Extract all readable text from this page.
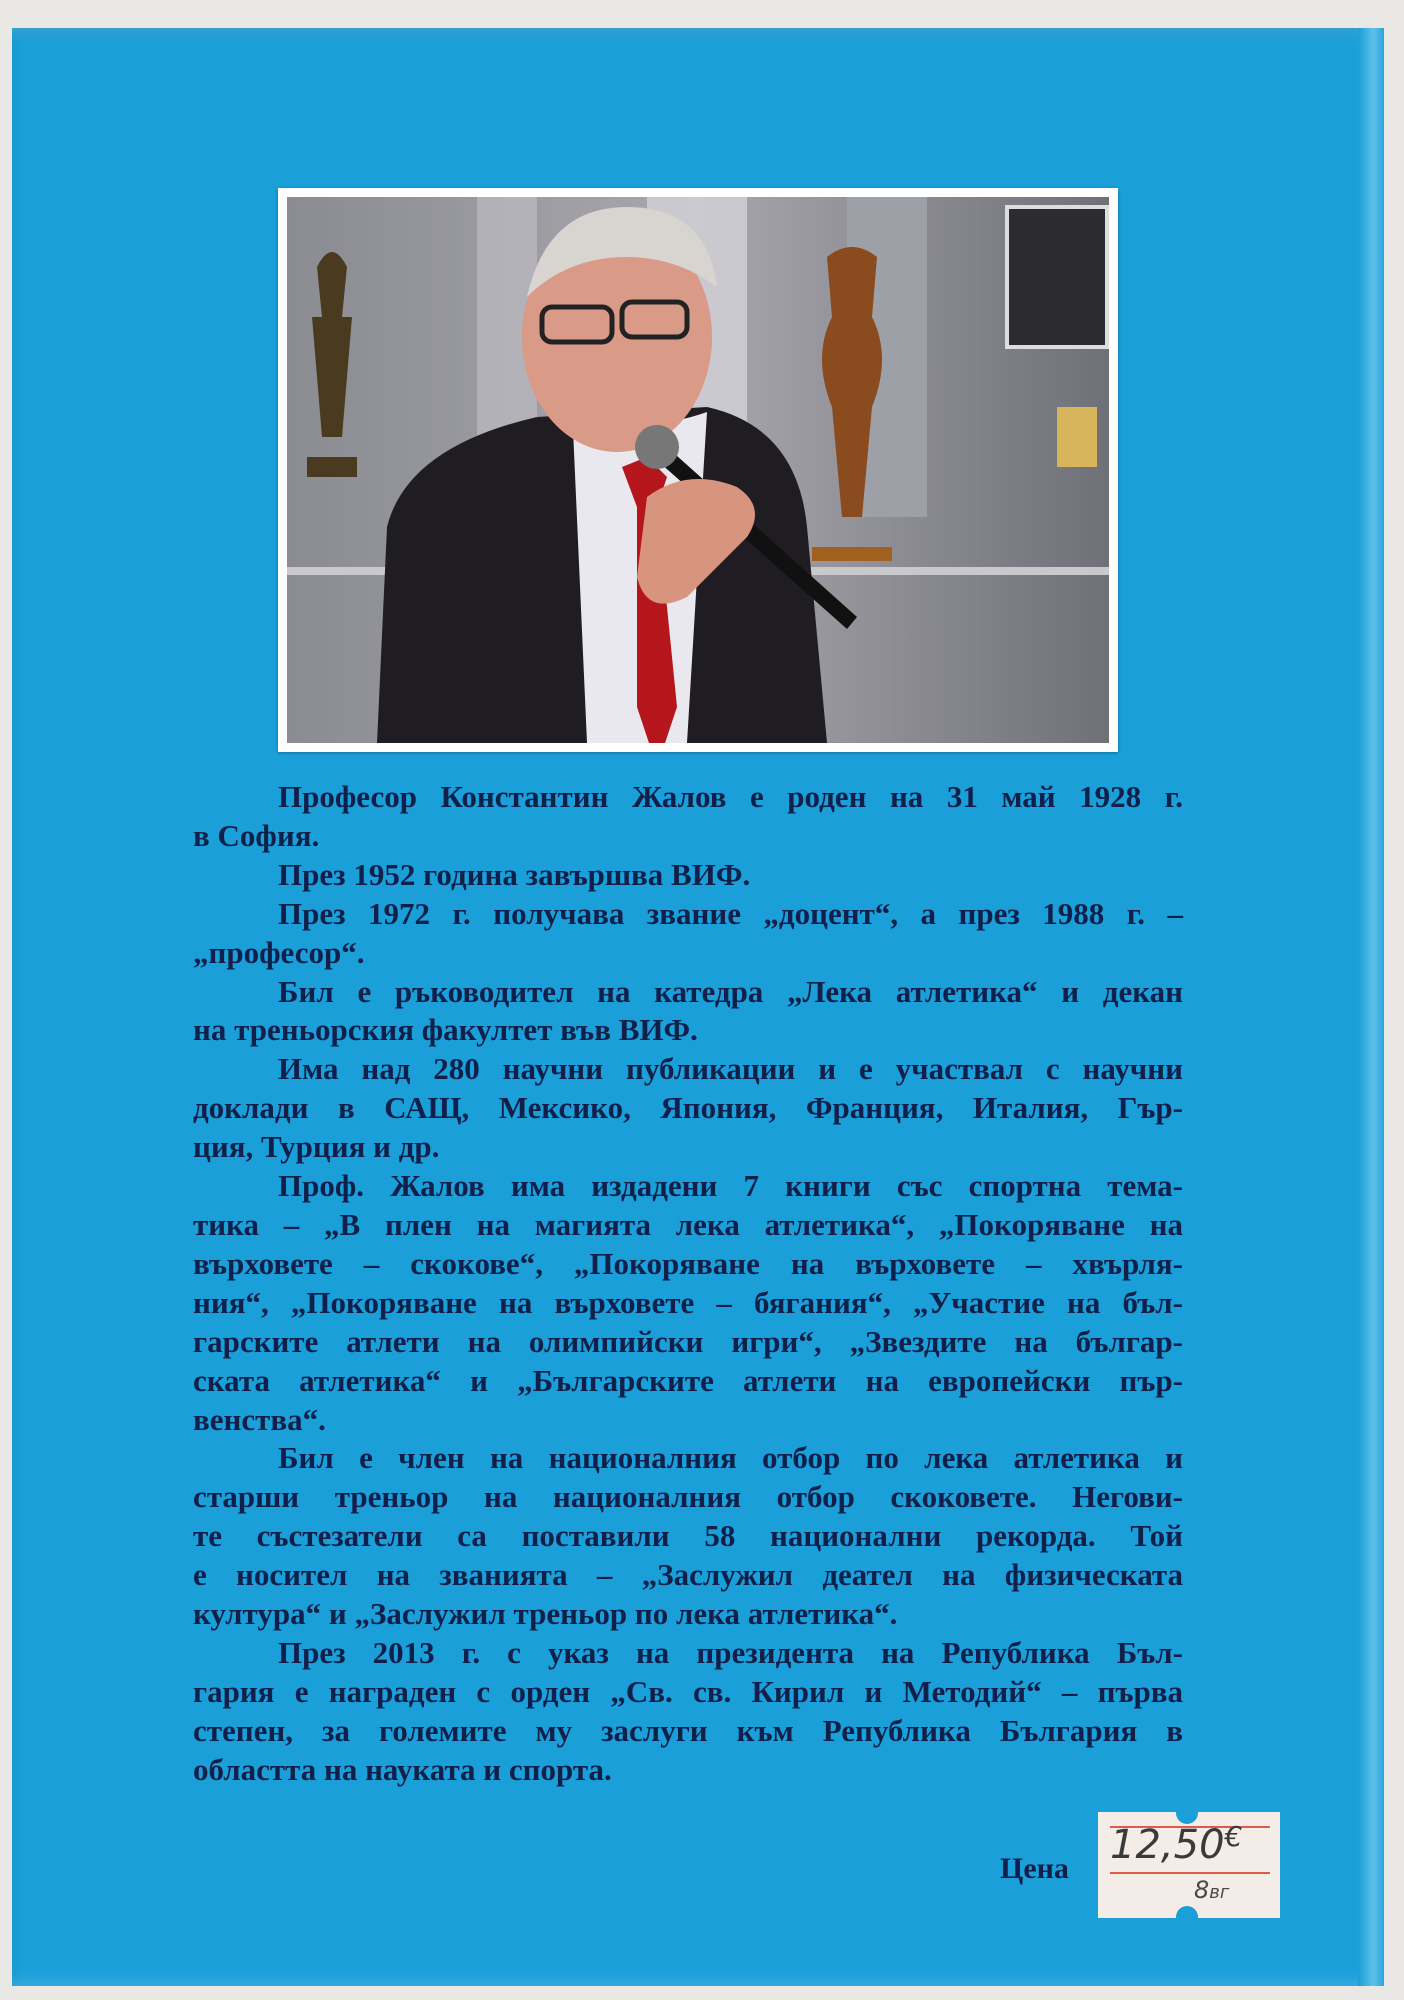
Професор Константин Жалов е роден на 31 май 1928 г.
в София.
През 1952 година завършва ВИФ.
През 1972 г. получава звание „доцент“, а през 1988 г. –
„професор“.
Бил е ръководител на катедра „Лека атлетика“ и декан
на треньорския факултет във ВИФ.
Има над 280 научни публикации и е участвал с научни
доклади в САЩ, Мексико, Япония, Франция, Италия, Гър-
ция, Турция и др.
Проф. Жалов има издадени 7 книги със спортна тема-
тика – „В плен на магията лека атлетика“, „Покоряване на
върховете – скокове“, „Покоряване на върховете – хвърля-
ния“, „Покоряване на върховете – бягания“, „Участие на бъл-
гарските атлети на олимпийски игри“, „Звездите на българ-
ската атлетика“ и „Българските атлети на европейски пър-
венства“.
Бил е член на националния отбор по лека атлетика и
старши треньор на националния отбор скоковете. Негови-
те състезатели са поставили 58 национални рекорда. Той
е носител на званията – „Заслужил деател на физическата
култура“ и „Заслужил треньор по лека атлетика“.
През 2013 г. с указ на президента на Република Бъл-
гария е награден с орден „Св. св. Кирил и Методий“ – първа
степен, за големите му заслуги към Република България в
областта на науката и спорта.
Цена
12,50€
8вг
